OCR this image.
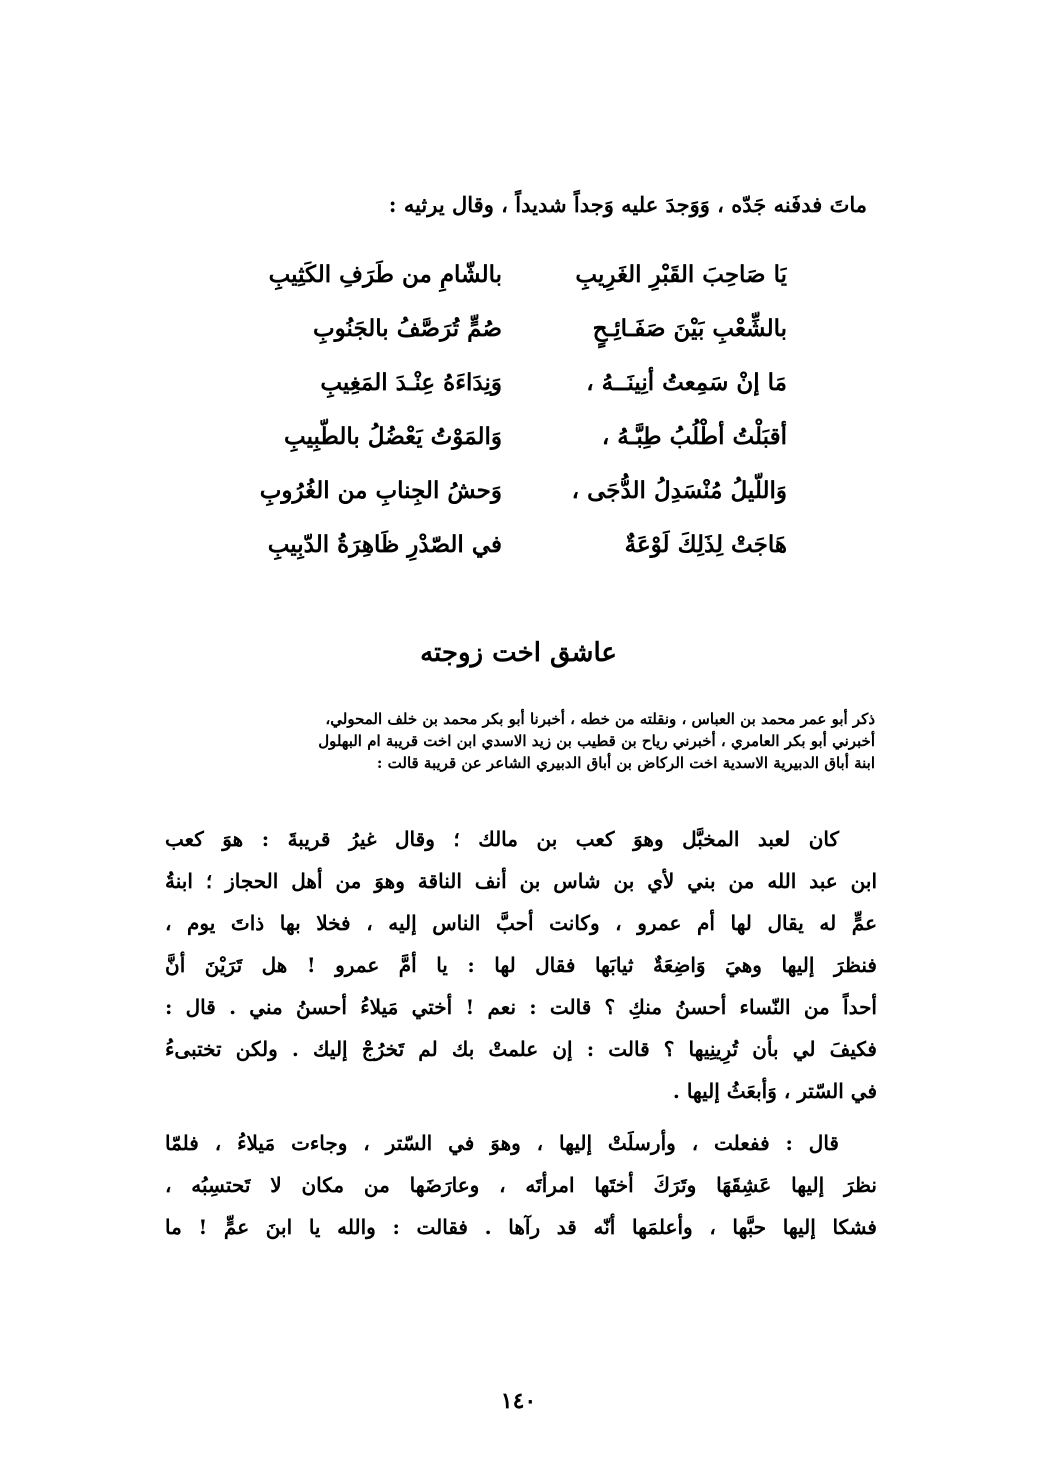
ماتَ فدفَنه جَدّه ، وَوَجدَ عليه وَجداً شديداً ، وقال يرثيه :
يَا صَاحِبَ القَبْرِ الغَرِيبِ
بالشّامِ من طَرَفِ الكَثِيبِ
بالشِّعْبِ بَيْنَ صَفَـائِـحٍ
صُمٍّ تُرَصَّفُ بالجَنُوبِ
مَا إنْ سَمِعتُ أنِينَــهُ ،
وَنِدَاءَهُ عِنْـدَ المَغِيبِ
أقبَلْتُ أطْلُبُ طِبَّـهُ ،
وَالمَوْتُ يَعْضُلُ بالطّبِيبِ
وَاللّيلُ مُنْسَدِلُ الدُّجَى ،
وَحشُ الجِنابِ من الغُرُوبِ
هَاجَتْ لِذَلِكَ لَوْعَةٌ
في الصّدْرِ ظَاهِرَةُ الدّبِيبِ
عاشق اخت زوجته
ذكر أبو عمر محمد بن العباس ، ونقلته من خطه ، أخبرنا أبو بكر محمد بن خلف المحولي،
أخبرني أبو بكر العامري ، أخبرني رياح بن قطيب بن زيد الاسدي ابن اخت قريبة ام البهلول
ابنة أباق الدبيرية الاسدية اخت الركاض بن أباق الدبيري الشاعر عن قريبة قالت :
كان لعبد المخبَّل وهوَ كعب بن مالك ؛ وقال غيرُ قريبةَ : هوَ كعب
ابن عبد الله من بني لأي بن شاس بن أنف الناقة وهوَ من أهل الحجاز ؛ ابنةُ
عمٍّ له يقال لها أم عمرو ، وكانت أحبَّ الناس إليه ، فخلا بها ذاتَ يوم ،
فنظرَ إليها وهيَ وَاضِعَةٌ ثيابَها فقال لها : يا أمَّ عمرو ! هل تَرَيْنَ أنَّ
أحداً من النّساء أحسنُ منكِ ؟ قالت : نعم ! أختي مَيلاءُ أحسنُ مني . قال :
فكيفَ لي بأن تُرِينِيها ؟ قالت : إن علمتْ بك لم تَخرُجْ إليك . ولكن تختبىءُ
في السّتر ، وَأبعَثُ إليها .
قال : ففعلت ، وأرسلَتْ إليها ، وهوَ في السّتر ، وجاءت مَيلاءُ ، فلمّا
نظرَ إليها عَشِقَهَا وتَرَكَ أختَها امرأتَه ، وعارَضَها من مكان لا تَحتسِبُه ،
فشكا إليها حبَّها ، وأعلمَها أنّه قد رآها . فقالت : والله يا ابنَ عمٍّ ! ما
١٤٠
